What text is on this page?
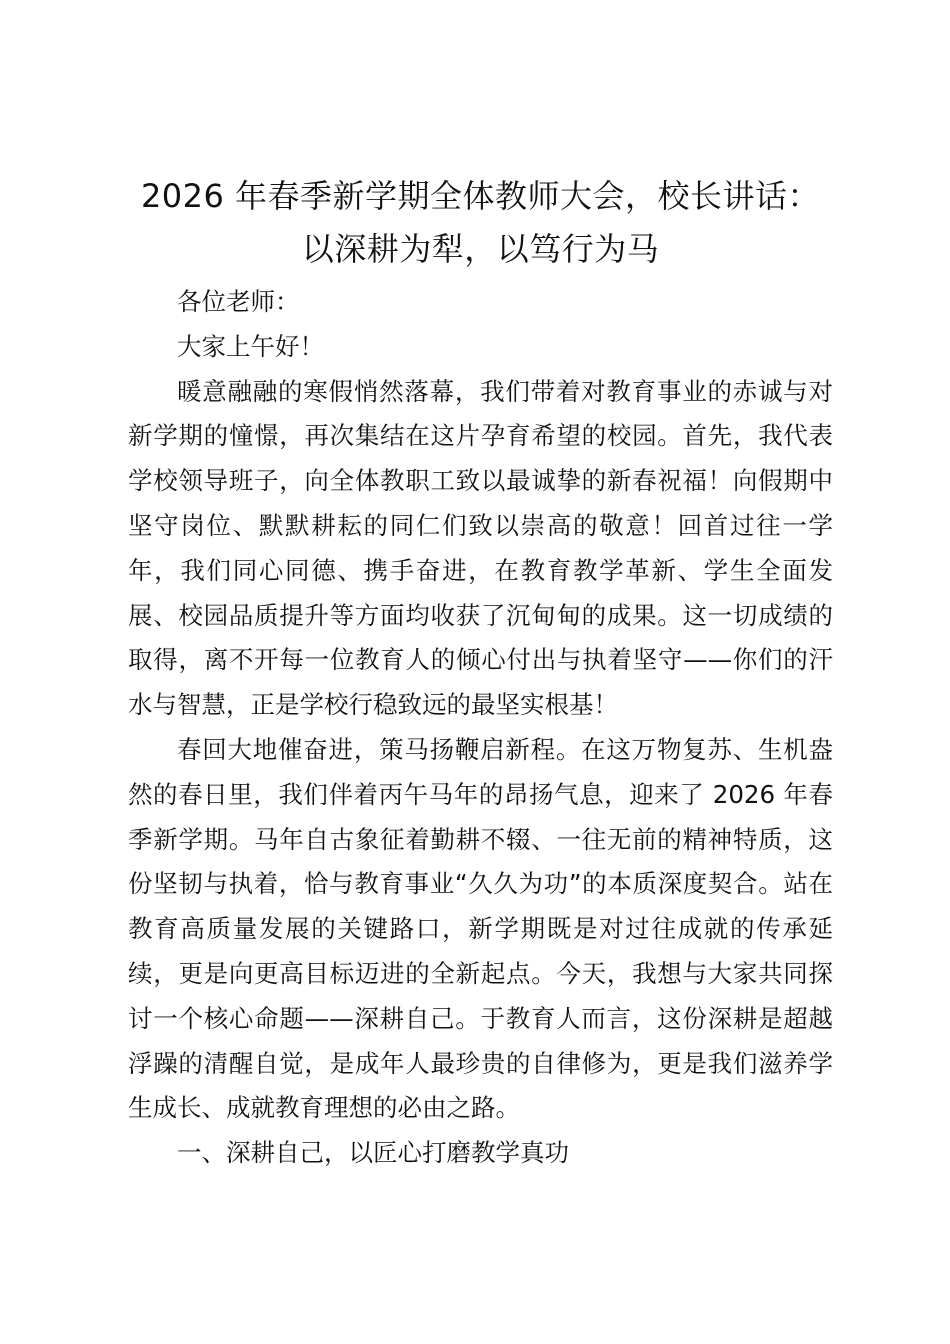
2026 年春季新学期全体教师大会，校长讲话：
以深耕为犁，以笃行为马

各位老师：

大家上午好！

暖意融融的寒假悄然落幕，我们带着对教育事业的赤诚与对新学期的憧憬，再次集结在这片孕育希望的校园。首先，我代表学校领导班子，向全体教职工致以最诚挚的新春祝福！向假期中坚守岗位、默默耕耘的同仁们致以崇高的敬意！回首过往一学年，我们同心同德、携手奋进，在教育教学革新、学生全面发展、校园品质提升等方面均收获了沉甸甸的成果。这一切成绩的取得，离不开每一位教育人的倾心付出与执着坚守——你们的汗水与智慧，正是学校行稳致远的最坚实根基！

春回大地催奋进，策马扬鞭启新程。在这万物复苏、生机盎然的春日里，我们伴着丙午马年的昂扬气息，迎来了 2026 年春季新学期。马年自古象征着勤耕不辍、一往无前的精神特质，这份坚韧与执着，恰与教育事业“久久为功”的本质深度契合。站在教育高质量发展的关键路口，新学期既是对过往成就的传承延续，更是向更高目标迈进的全新起点。今天，我想与大家共同探讨一个核心命题——深耕自己。于教育人而言，这份深耕是超越浮躁的清醒自觉，是成年人最珍贵的自律修为，更是我们滋养学生成长、成就教育理想的必由之路。

一、深耕自己，以匠心打磨教学真功
